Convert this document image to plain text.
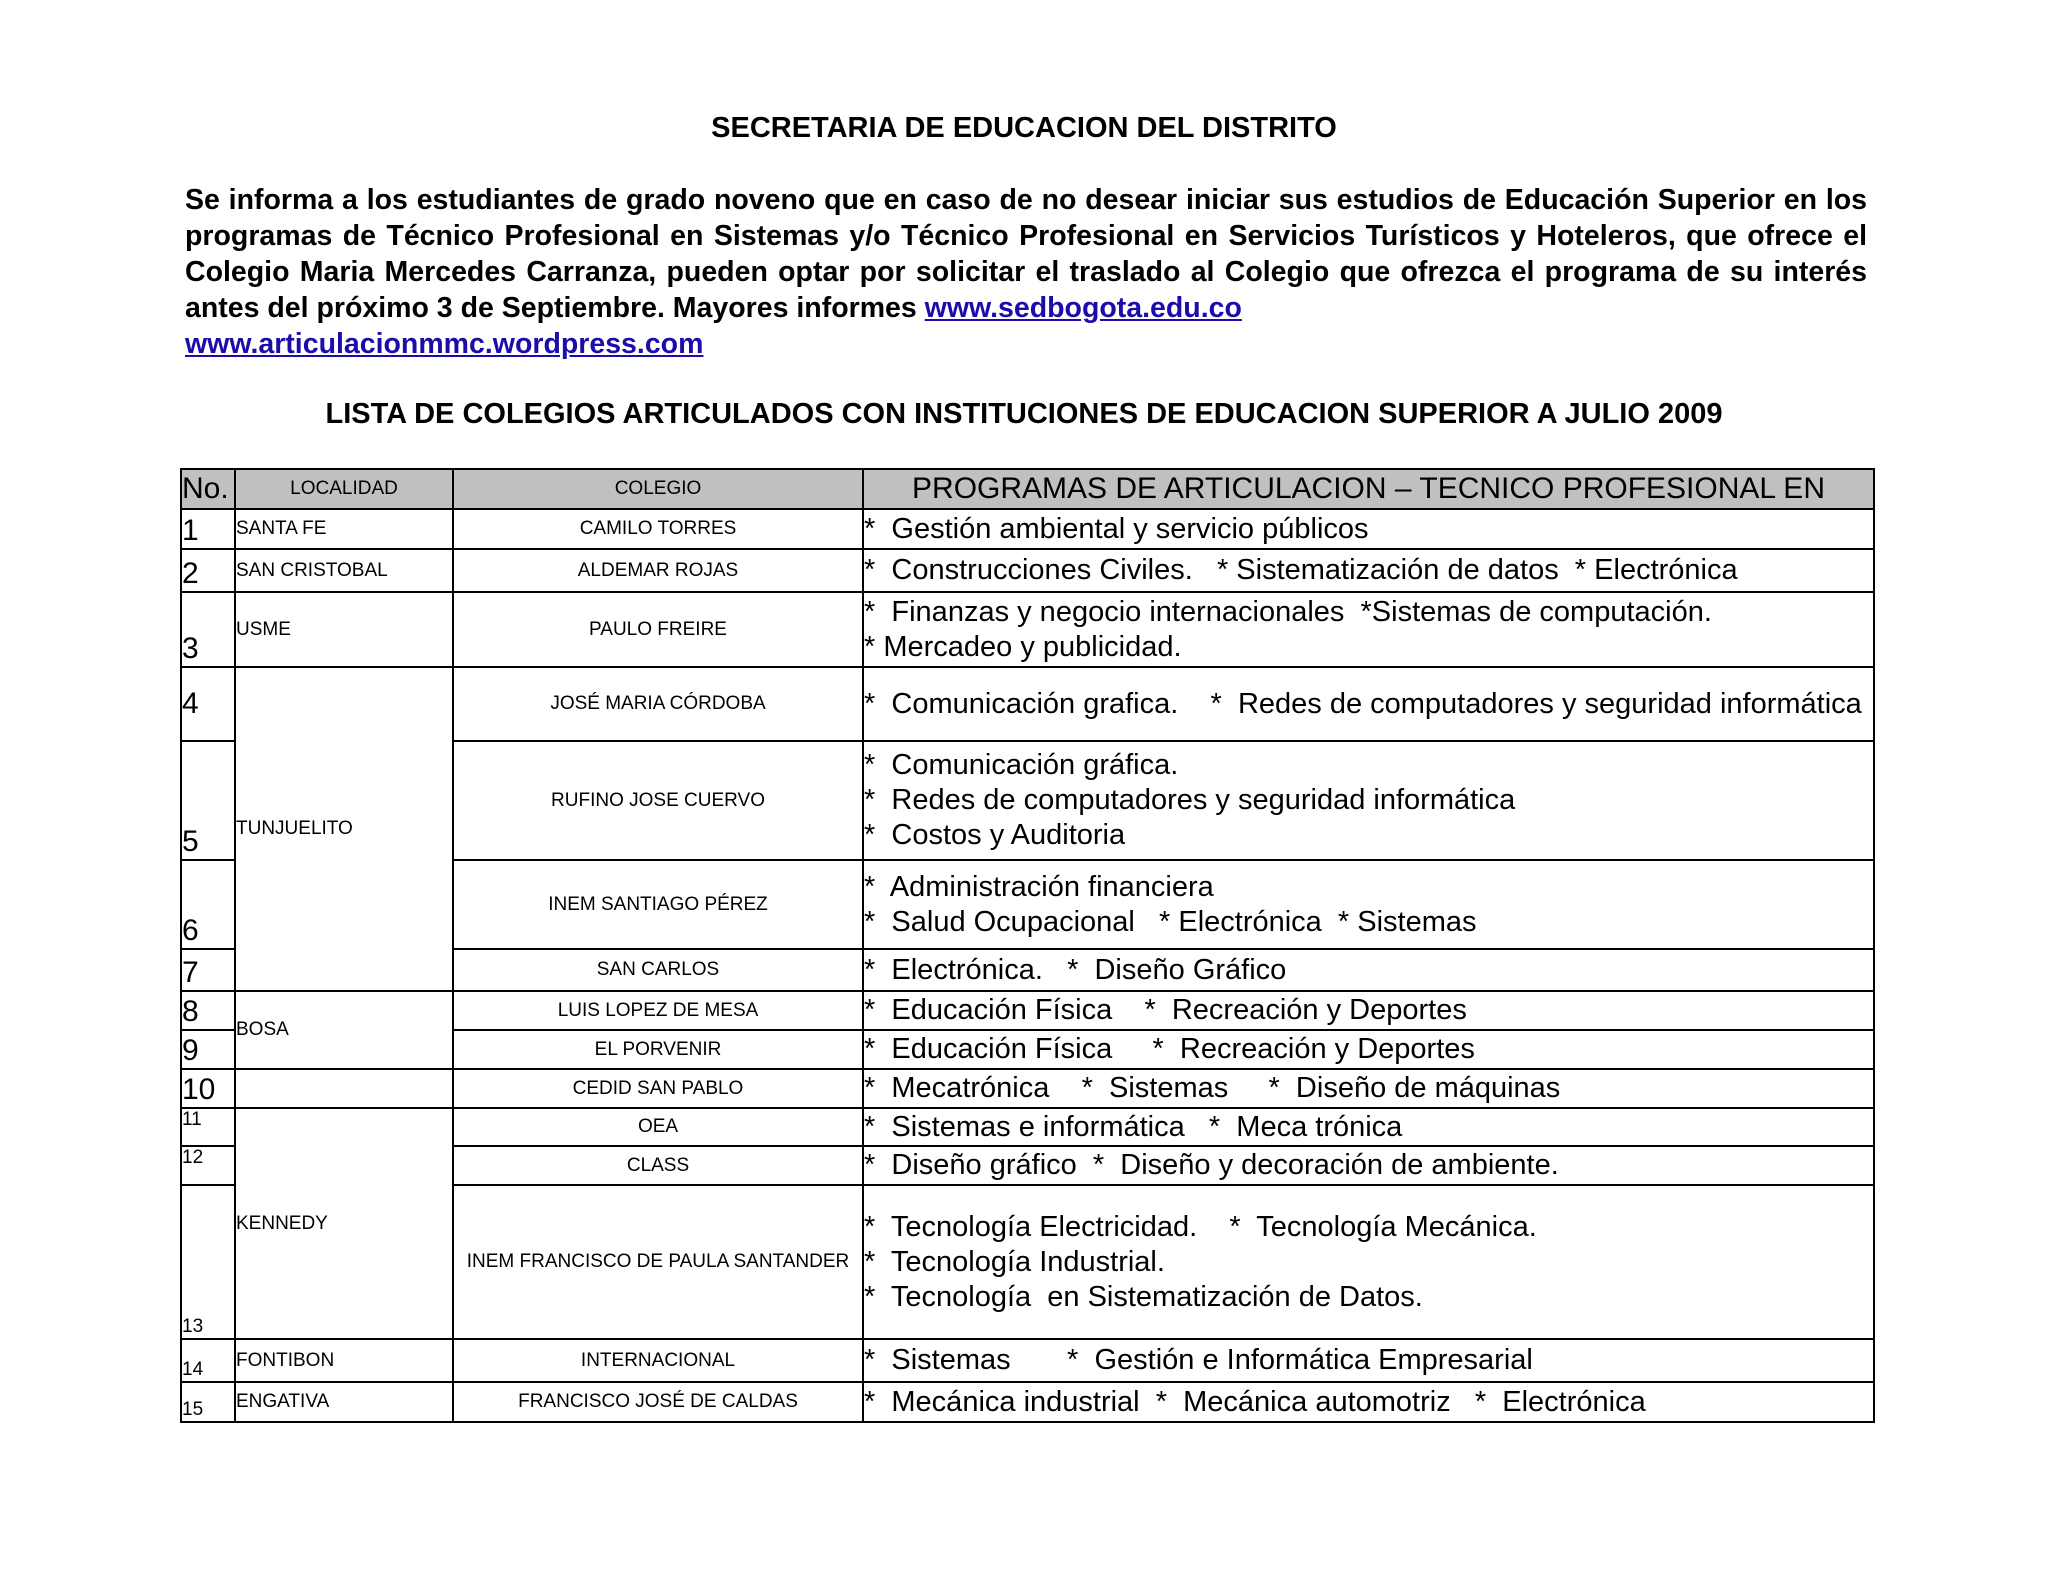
SECRETARIA DE EDUCACION DEL DISTRITO

Se informa a los estudiantes de grado noveno que en caso de no desear iniciar sus estudios de Educación Superior en los programas de Técnico Profesional en Sistemas y/o Técnico Profesional en Servicios Turísticos y Hoteleros, que ofrece el Colegio Maria Mercedes Carranza, pueden optar por solicitar el traslado al Colegio que ofrezca el programa de su interés antes del próximo 3 de Septiembre. Mayores informes www.sedbogota.edu.co
www.articulacionmmc.wordpress.com

LISTA DE COLEGIOS ARTICULADOS CON INSTITUCIONES DE EDUCACION SUPERIOR A JULIO 2009
No.	LOCALIDAD	COLEGIO	PROGRAMAS DE ARTICULACION – TECNICO PROFESIONAL EN
1	SANTA FE	CAMILO TORRES	*  Gestión ambiental y servicio públicos

2	SAN CRISTOBAL	ALDEMAR ROJAS	*  Construcciones Civiles.   * Sistematización de datos  * Electrónica

3	USME	PAULO FREIRE	*  Finanzas y negocio internacionales  *Sistemas de computación.
* Mercadeo y publicidad.

4	TUNJUELITO	JOSÉ MARIA CÓRDOBA	*  Comunicación grafica.    *  Redes de computadores y seguridad informática

5		RUFINO JOSE CUERVO	*  Comunicación gráfica.
*  Redes de computadores y seguridad informática
*  Costos y Auditoria

6		INEM SANTIAGO PÉREZ	*  Administración financiera
*  Salud Ocupacional   * Electrónica  * Sistemas

7		SAN CARLOS	*  Electrónica.   *  Diseño Gráfico

8	BOSA	LUIS LOPEZ DE MESA	*  Educación Física    *  Recreación y Deportes

9		EL PORVENIR	*  Educación Física     *  Recreación y Deportes

10		CEDID SAN PABLO	*  Mecatrónica    *  Sistemas     *  Diseño de máquinas

11	KENNEDY	OEA	*  Sistemas e informática   *  Meca trónica

12		CLASS	*  Diseño gráfico  *  Diseño y decoración de ambiente.

13		INEM FRANCISCO DE PAULA SANTANDER	*  Tecnología Electricidad.    *  Tecnología Mecánica.
*  Tecnología Industrial.
*  Tecnología  en Sistematización de Datos.

14	FONTIBON	INTERNACIONAL	*  Sistemas       *  Gestión e Informática Empresarial

15	ENGATIVA	FRANCISCO JOSÉ DE CALDAS	*  Mecánica industrial  *  Mecánica automotriz   *  Electrónica
